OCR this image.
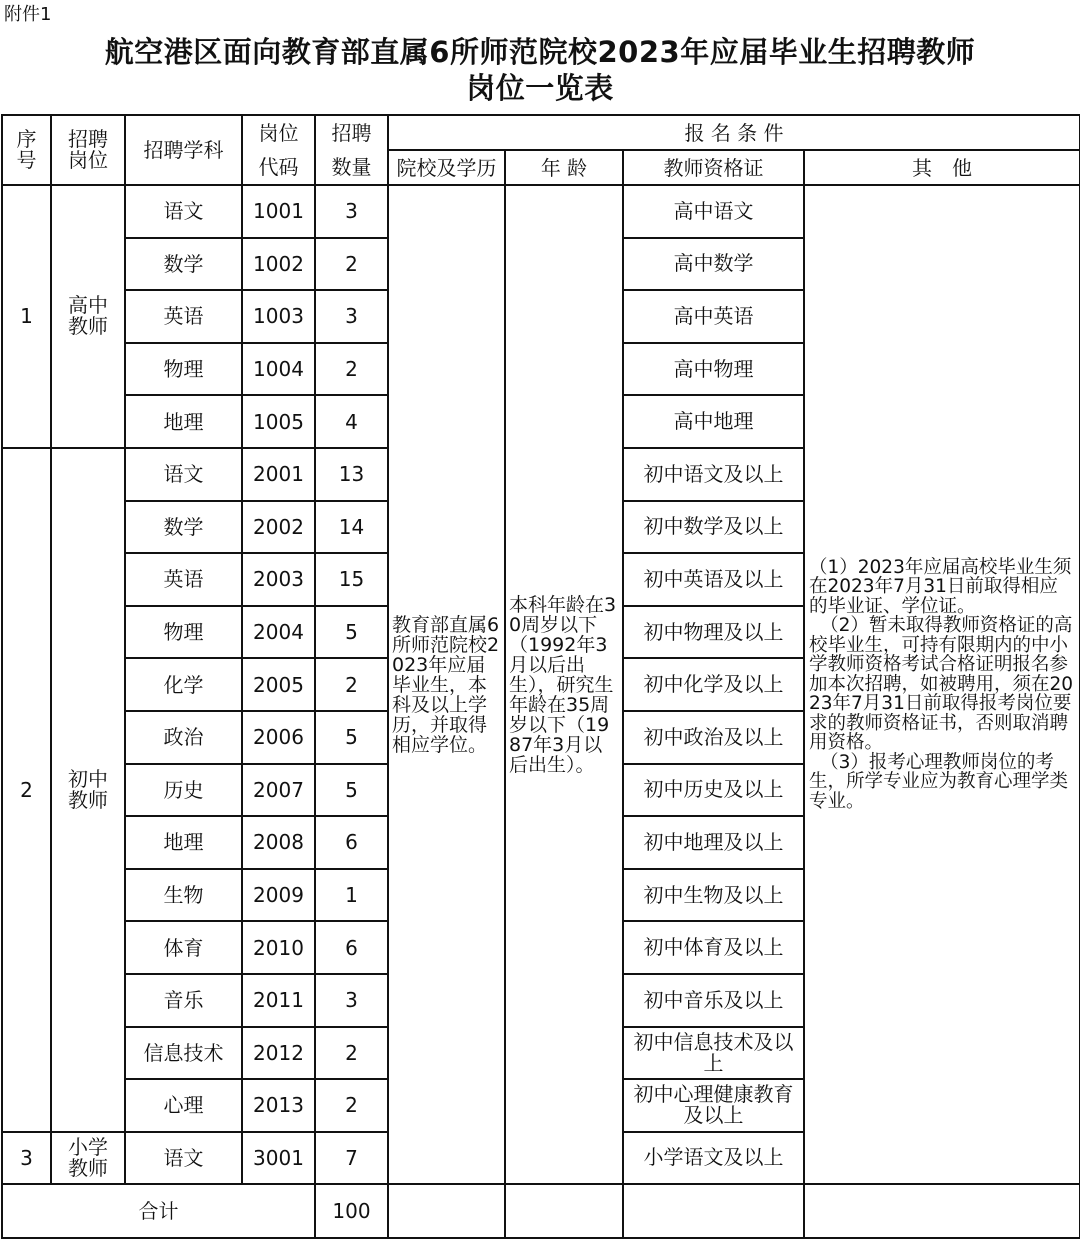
附件1
航空港区面向教育部直属6所师范院校2023年应届毕业生招聘教师
岗位一览表
序号	招聘岗位	招聘学科	岗位代码	招聘数量	报 名 条 件			
					院校及学历	年 龄	教师资格证	其　他
1	高中教师	语文	1001	3	教育部直属6所师范院校2023年应届毕业生，本科及以上学历，并取得相应学位。	本科年龄在30周岁以下（1992年3月以后出生），研究生年龄在35周岁以下（1987年3月以后出生）。	高中语文	（1）2023年应届高校毕业生须在2023年7月31日前取得相应的毕业证、学位证。

（2）暂未取得教师资格证的高校毕业生，可持有限期内的中小学教师资格考试合格证明报名参加本次招聘，如被聘用，须在2023年7月31日前取得报考岗位要求的教师资格证书，否则取消聘用资格。

（3）报考心理教师岗位的考生，所学专业应为教育心理学类专业。

		数学	1002	2			高中数学	
		英语	1003	3			高中英语	
		物理	1004	2			高中物理	
		地理	1005	4			高中地理	
2	初中教师	语文	2001	13			初中语文及以上	
		数学	2002	14			初中数学及以上	
		英语	2003	15			初中英语及以上	
		物理	2004	5			初中物理及以上	
		化学	2005	2			初中化学及以上	
		政治	2006	5			初中政治及以上	
		历史	2007	5			初中历史及以上	
		地理	2008	6			初中地理及以上	
		生物	2009	1			初中生物及以上	
		体育	2010	6			初中体育及以上	
		音乐	2011	3			初中音乐及以上	
		信息技术	2012	2			初中信息技术及以上	
		心理	2013	2			初中心理健康教育及以上	
3	小学教师	语文	3001	7			小学语文及以上	
合计				100				
